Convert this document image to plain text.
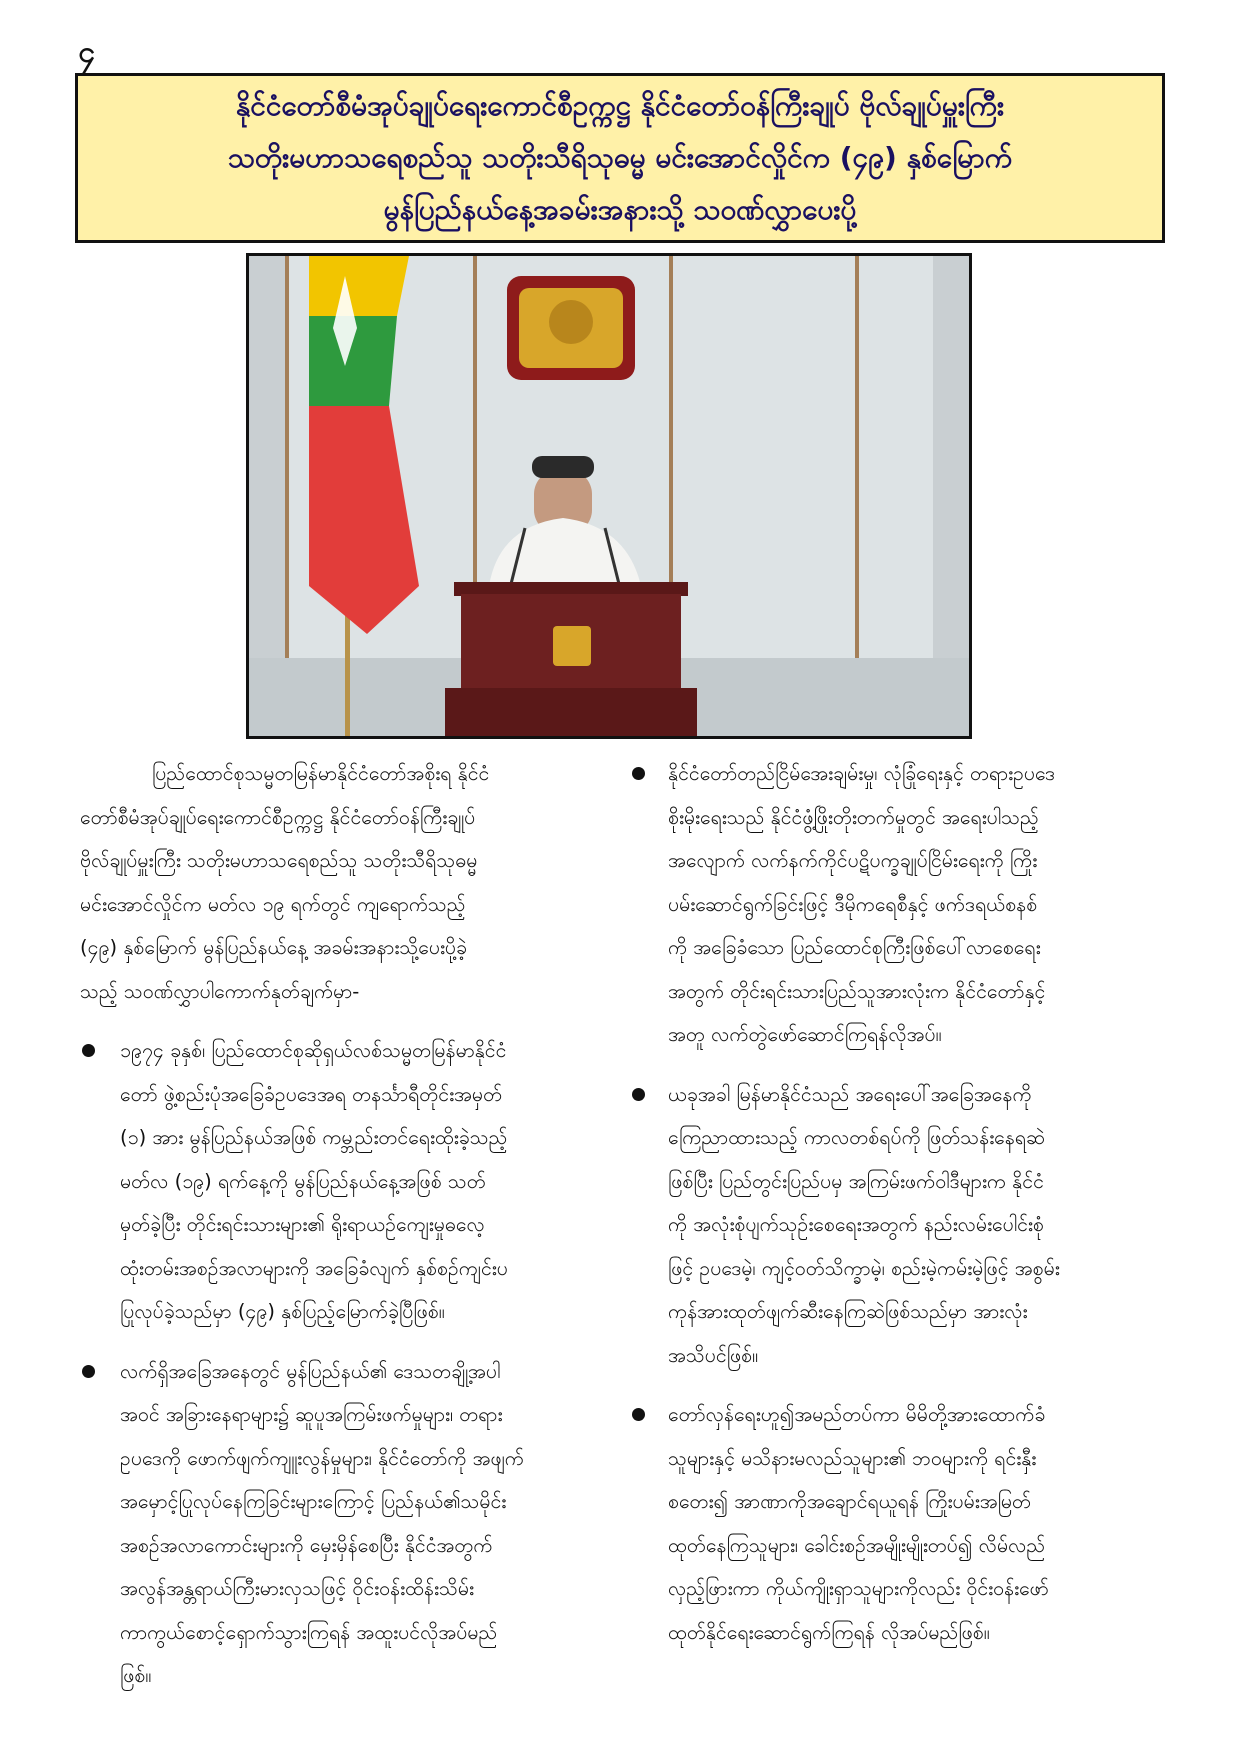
၄
နိုင်ငံတော်စီမံအုပ်ချုပ်ရေးကောင်စီဥက္ကဋ္ဌ နိုင်ငံတော်ဝန်ကြီးချုပ် ဗိုလ်ချုပ်မှူးကြီး
သတိုးမဟာသရေစည်သူ သတိုးသီရိသုဓမ္မ မင်းအောင်လှိုင်က (၄၉) နှစ်မြောက်
မွန်ပြည်နယ်နေ့အခမ်းအနားသို့ သဝဏ်လွှာပေးပို့
ပြည်ထောင်စုသမ္မတမြန်မာနိုင်ငံတော်အစိုးရ နိုင်ငံ
တော်စီမံအုပ်ချုပ်ရေးကောင်စီဥက္ကဋ္ဌ နိုင်ငံတော်ဝန်ကြီးချုပ်
ဗိုလ်ချုပ်မှူးကြီး သတိုးမဟာသရေစည်သူ သတိုးသီရိသုဓမ္မ
မင်းအောင်လှိုင်က မတ်လ ၁၉ ရက်တွင် ကျရောက်သည့်
(၄၉) နှစ်မြောက် မွန်ပြည်နယ်နေ့ အခမ်းအနားသို့ပေးပို့ခဲ့
သည့် သဝဏ်လွှာပါကောက်နုတ်ချက်မှာ-
၁၉၇၄ ခုနှစ်၊ ပြည်ထောင်စုဆိုရှယ်လစ်သမ္မတမြန်မာနိုင်ငံ
တော် ဖွဲ့စည်းပုံအခြေခံဥပဒေအရ တနင်္သာရီတိုင်းအမှတ်
(၁) အား မွန်ပြည်နယ်အဖြစ် ကမ္ဘည်းတင်ရေးထိုးခဲ့သည့်
မတ်လ (၁၉) ရက်နေ့ကို မွန်ပြည်နယ်နေ့အဖြစ် သတ်
မှတ်ခဲ့ပြီး တိုင်းရင်းသားများ၏ ရိုးရာယဉ်ကျေးမှုဓလေ့
ထုံးတမ်းအစဉ်အလာများကို အခြေခံလျက် နှစ်စဉ်ကျင်းပ
ပြုလုပ်ခဲ့သည်မှာ (၄၉) နှစ်ပြည့်မြောက်ခဲ့ပြီဖြစ်။
လက်ရှိအခြေအနေတွင် မွန်ပြည်နယ်၏ ဒေသတချို့အပါ
အဝင် အခြားနေရာများ၌ ဆူပူအကြမ်းဖက်မှုများ၊ တရား
ဥပဒေကို ဖောက်ဖျက်ကျူးလွန်မှုများ၊ နိုင်ငံတော်ကို အဖျက်
အမှောင့်ပြုလုပ်နေကြခြင်းများကြောင့် ပြည်နယ်၏သမိုင်း
အစဉ်အလာကောင်းများကို မှေးမှိန်စေပြီး နိုင်ငံအတွက်
အလွန်အန္တရာယ်ကြီးမားလှသဖြင့် ဝိုင်းဝန်းထိန်းသိမ်း
ကာကွယ်စောင့်ရှောက်သွားကြရန် အထူးပင်လိုအပ်မည်
ဖြစ်။
နိုင်ငံတော်တည်ငြိမ်အေးချမ်းမှု၊ လုံခြုံရေးနှင့် တရားဥပဒေ
စိုးမိုးရေးသည် နိုင်ငံဖွံ့ဖြိုးတိုးတက်မှုတွင် အရေးပါသည့်
အလျောက် လက်နက်ကိုင်ပဋိပက္ခချုပ်ငြိမ်းရေးကို ကြိုး
ပမ်းဆောင်ရွက်ခြင်းဖြင့် ဒီမိုကရေစီနှင့် ဖက်ဒရယ်စနစ်
ကို အခြေခံသော ပြည်ထောင်စုကြီးဖြစ်ပေါ်လာစေရေး
အတွက် တိုင်းရင်းသားပြည်သူအားလုံးက နိုင်ငံတော်နှင့်
အတူ လက်တွဲဖော်ဆောင်ကြရန်လိုအပ်။
ယခုအခါ မြန်မာနိုင်ငံသည် အရေးပေါ်အခြေအနေကို
ကြေညာထားသည့် ကာလတစ်ရပ်ကို ဖြတ်သန်းနေရဆဲ
ဖြစ်ပြီး ပြည်တွင်းပြည်ပမှ အကြမ်းဖက်ဝါဒီများက နိုင်ငံ
ကို အလုံးစုံပျက်သုဉ်းစေရေးအတွက် နည်းလမ်းပေါင်းစုံ
ဖြင့် ဥပဒေမဲ့၊ ကျင့်ဝတ်သိက္ခာမဲ့၊ စည်းမဲ့ကမ်းမဲ့ဖြင့် အစွမ်း
ကုန်အားထုတ်ဖျက်ဆီးနေကြဆဲဖြစ်သည်မှာ အားလုံး
အသိပင်ဖြစ်။
တော်လှန်ရေးဟူ၍အမည်တပ်ကာ မိမိတို့အားထောက်ခံ
သူများနှင့် မသိနားမလည်သူများ၏ ဘဝများကို ရင်းနှီး
စတေး၍ အာဏာကိုအချောင်ရယူရန် ကြိုးပမ်းအမြတ်
ထုတ်နေကြသူများ၊ ခေါင်းစဉ်အမျိုးမျိုးတပ်၍ လိမ်လည်
လှည့်ဖြားကာ ကိုယ်ကျိုးရှာသူများကိုလည်း ဝိုင်းဝန်းဖော်
ထုတ်နိုင်ရေးဆောင်ရွက်ကြရန် လိုအပ်မည်ဖြစ်။
